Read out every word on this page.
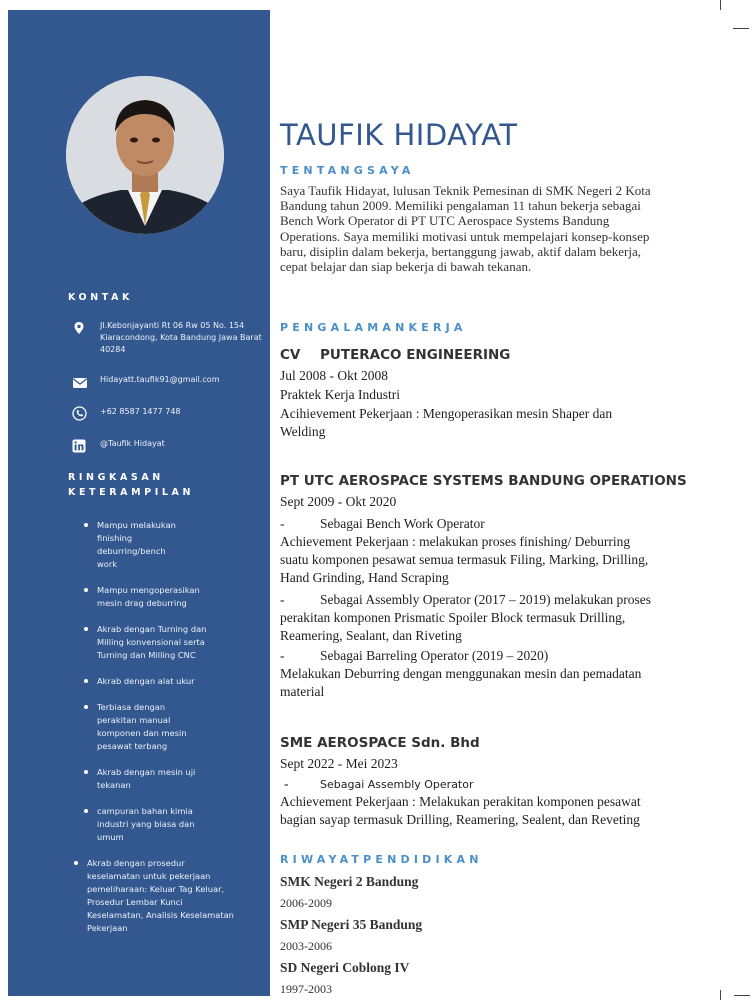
KONTAK
Jl.Kebonjayanti Rt 06 Rw 05 No. 154 Kiaracondong, Kota Bandung Jawa Barat 40284
Hidayatt.taufik91@gmail.com
+62 8587 1477 748
@Taufik Hidayat
RINGKASAN
KETERAMPILAN
Mampu melakukan finishing deburring/bench work
Mampu mengoperasikan mesin drag deburring
Akrab dengan Turning dan Milling konvensional serta Turning dan Milling CNC
Akrab dengan alat ukur
Terbiasa dengan perakitan manual komponen dan mesin pesawat terbang
Akrab dengan mesin uji tekanan
campuran bahan kimia industri yang biasa dan umum
Akrab dengan prosedur keselamatan untuk pekerjaan pemeliharaan: Keluar Tag Keluar, Prosedur Lembar Kunci Keselamatan, Analisis Keselamatan Pekerjaan
TAUFIK HIDAYAT
TENTANGSAYA
Saya Taufik Hidayat, lulusan Teknik Pemesinan di SMK Negeri 2 Kota Bandung tahun 2009. Memiliki pengalaman 11 tahun bekerja sebagai Bench Work Operator di PT UTC Aerospace Systems Bandung Operations. Saya memiliki motivasi untuk mempelajari konsep-konsep baru, disiplin dalam bekerja, bertanggung jawab, aktif dalam bekerja, cepat belajar dan siap bekerja di bawah tekanan.
PENGALAMANKERJA
CV PUTERACO ENGINEERING
Jul 2008 - Okt 2008
Praktek Kerja Industri
Acihievement Pekerjaan : Mengoperasikan mesin Shaper dan Welding
PT UTC AEROSPACE SYSTEMS BANDUNG OPERATIONS
Sept 2009 - Okt 2020
-	Sebagai Bench Work Operator
Achievement Pekerjaan : melakukan proses finishing/ Deburring suatu komponen pesawat semua termasuk Filing, Marking, Drilling, Hand Grinding, Hand Scraping
-	Sebagai Assembly Operator (2017 – 2019) melakukan proses perakitan komponen Prismatic Spoiler Block termasuk Drilling, Reamering, Sealant, dan Riveting
-	Sebagai Barreling Operator (2019 – 2020)
Melakukan Deburring dengan menggunakan mesin dan pemadatan material
SME AEROSPACE Sdn. Bhd
Sept 2022 - Mei 2023
-	Sebagai Assembly Operator
Achievement Pekerjaan : Melakukan perakitan komponen pesawat bagian sayap termasuk Drilling, Reamering, Sealent, dan Reveting
RIWAYATPENDIDIKAN
SMK Negeri 2 Bandung
2006-2009
SMP Negeri 35 Bandung
2003-2006
SD Negeri Coblong IV
1997-2003
